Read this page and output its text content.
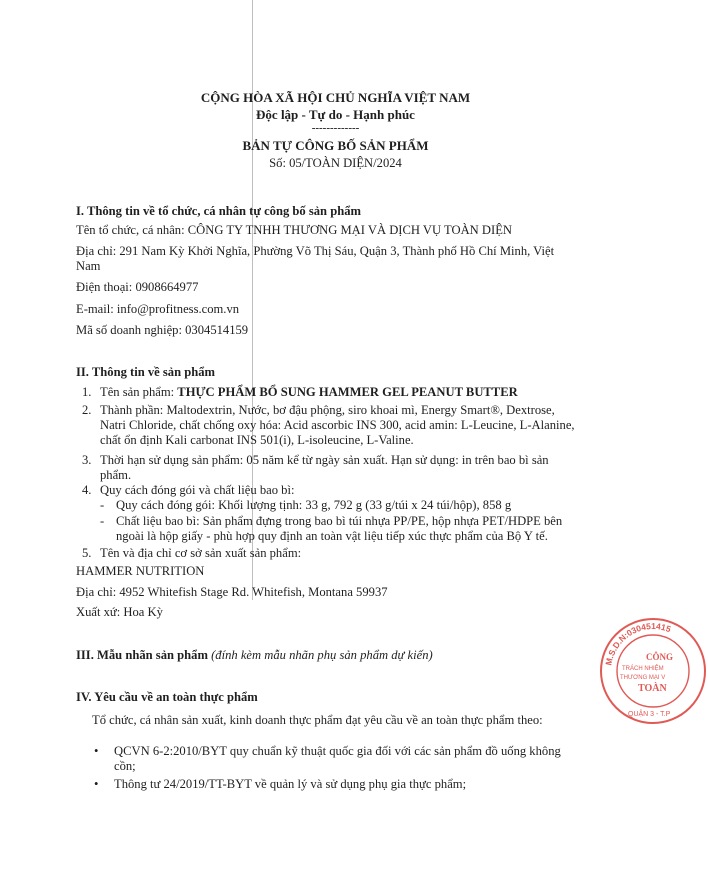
CỘNG HÒA XÃ HỘI CHỦ NGHĨA VIỆT NAM
Độc lập - Tự do - Hạnh phúc
-------------
BẢN TỰ CÔNG BỐ SẢN PHẨM
Số: 05/TOÀN DIỆN/2024
I. Thông tin về tổ chức, cá nhân tự công bố sản phẩm
Tên tổ chức, cá nhân: CÔNG TY TNHH THƯƠNG MẠI VÀ DỊCH VỤ TOÀN DIỆN
Địa chỉ: 291 Nam Kỳ Khởi Nghĩa, Phường Võ Thị Sáu, Quận 3, Thành phố Hồ Chí Minh, Việt
Nam
Điện thoại: 0908664977
E-mail: info@profitness.com.vn
Mã số doanh nghiệp: 0304514159
II. Thông tin về sản phẩm
1. Tên sản phẩm: THỰC PHẨM BỔ SUNG HAMMER GEL PEANUT BUTTER
2. Thành phần: Maltodextrin, Nước, bơ đậu phộng, siro khoai mì, Energy Smart®, Dextrose,
Natri Chloride, chất chống oxy hóa: Acid ascorbic INS 300, acid amin: L-Leucine, L-Alanine,
chất ổn định Kali carbonat INS 501(i), L-isoleucine, L-Valine.
3. Thời hạn sử dụng sản phẩm: 05 năm kể từ ngày sản xuất. Hạn sử dụng: in trên bao bì sản
phẩm.
4. Quy cách đóng gói và chất liệu bao bì:
- Quy cách đóng gói: Khối lượng tịnh: 33 g, 792 g (33 g/túi x 24 túi/hộp), 858 g
- Chất liệu bao bì: Sản phẩm đựng trong bao bì túi nhựa PP/PE, hộp nhựa PET/HDPE bên
ngoài là hộp giấy - phù hợp quy định an toàn vật liệu tiếp xúc thực phẩm của Bộ Y tế.
5. Tên và địa chỉ cơ sở sản xuất sản phẩm:
HAMMER NUTRITION
Địa chỉ: 4952 Whitefish Stage Rd. Whitefish, Montana 59937
Xuất xứ: Hoa Kỳ
III. Mẫu nhãn sản phẩm (đính kèm mẫu nhãn phụ sản phẩm dự kiến)
IV. Yêu cầu về an toàn thực phẩm
Tổ chức, cá nhân sản xuất, kinh doanh thực phẩm đạt yêu cầu về an toàn thực phẩm theo:
• QCVN 6-2:2010/BYT quy chuẩn kỹ thuật quốc gia đối với các sản phẩm đồ uống không
cồn;
• Thông tư 24/2019/TT-BYT về quản lý và sử dụng phụ gia thực phẩm;
M.S.D.N:030451415
CÔNG
TRÁCH NHIỆM
THƯƠNG MẠI V
TOÀN
QUẬN 3 - T.P
